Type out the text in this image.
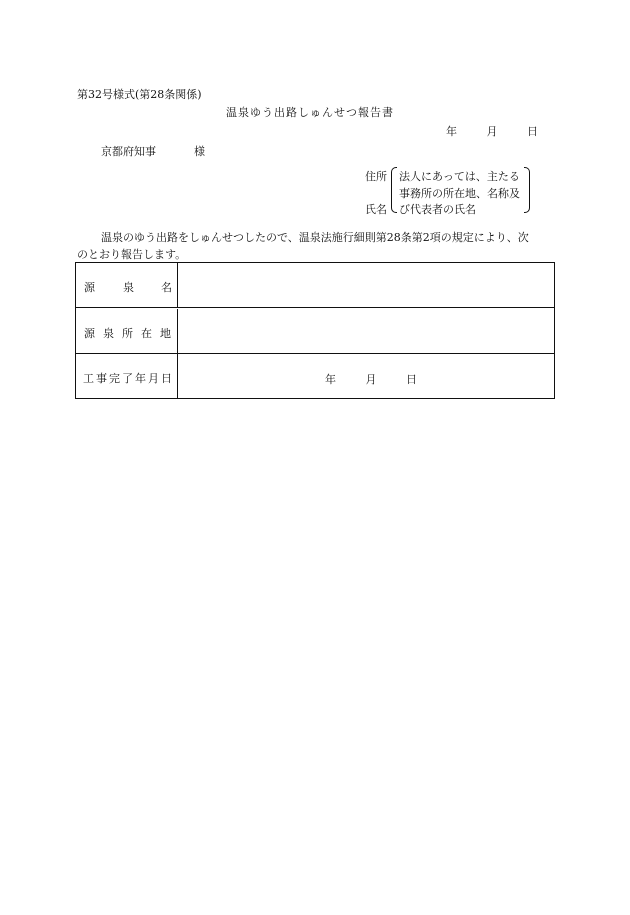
第32号様式(第28条関係)
温泉ゆう出路しゅんせつ報告書
年	月	日
京都府知事	様
住所
氏名
法人にあっては、主たる
事務所の所在地、名称及
び代表者の氏名
温泉のゆう出路をしゅんせつしたので、温泉法施行細則第28条第2項の規定により、次
のとおり報告します。
源	泉 名
源 泉 所 在 地
工 事 完 了 年 月 日	年	月	日
